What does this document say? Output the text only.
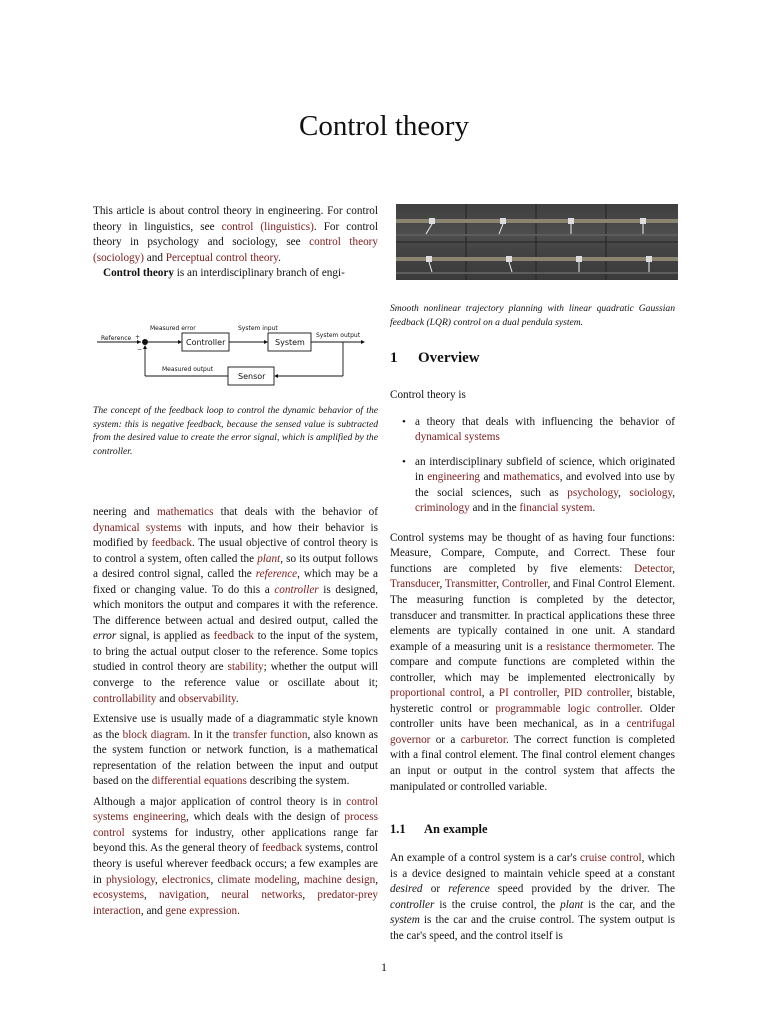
Control theory

This article is about control theory in engineering. For control theory in linguistics, see control (linguistics). For control theory in psychology and sociology, see control theory (sociology) and Perceptual control theory.

Control theory is an interdisciplinary branch of engi-

Reference
Measured error	System input
System output
Measured output
+
−
Controller	System
Sensor
The concept of the feedback loop to control the dynamic behavior of the system: this is negative feedback, because the sensed value is subtracted from the desired value to create the error signal, which is amplified by the controller.

neering and mathematics that deals with the behavior of dynamical systems with inputs, and how their behavior is modified by feedback. The usual objective of control theory is to control a system, often called the plant, so its output follows a desired control signal, called the reference, which may be a fixed or changing value. To do this a controller is designed, which monitors the output and compares it with the reference. The difference between actual and desired output, called the error signal, is applied as feedback to the input of the system, to bring the actual output closer to the reference. Some topics studied in control theory are stability; whether the output will converge to the reference value or oscillate about it; controllability and observability.

Extensive use is usually made of a diagrammatic style known as the block diagram. In it the transfer function, also known as the system function or network function, is a mathematical representation of the relation between the input and output based on the differential equations describing the system.

Although a major application of control theory is in control systems engineering, which deals with the design of process control systems for industry, other applications range far beyond this. As the general theory of feedback systems, control theory is useful wherever feedback occurs; a few examples are in physiology, electronics, climate modeling, machine design, ecosystems, navigation, neural networks, predator-prey interaction, and gene expression.

Smooth nonlinear trajectory planning with linear quadratic Gaussian feedback (LQR) control on a dual pendula system.
1 Overview

Control theory is

• a theory that deals with influencing the behavior of dynamical systems
• an interdisciplinary subfield of science, which originated in engineering and mathematics, and evolved into use by the social sciences, such as psychology, sociology, criminology and in the financial system.

Control systems may be thought of as having four functions: Measure, Compare, Compute, and Correct. These four functions are completed by five elements: Detector, Transducer, Transmitter, Controller, and Final Control Element. The measuring function is completed by the detector, transducer and transmitter. In practical applications these three elements are typically contained in one unit. A standard example of a measuring unit is a resistance thermometer. The compare and compute functions are completed within the controller, which may be implemented electronically by proportional control, a PI controller, PID controller, bistable, hysteretic control or programmable logic controller. Older controller units have been mechanical, as in a centrifugal governor or a carburetor. The correct function is completed with a final control element. The final control element changes an input or output in the control system that affects the manipulated or controlled variable.

1.1 An example

An example of a control system is a car's cruise control, which is a device designed to maintain vehicle speed at a constant desired or reference speed provided by the driver. The controller is the cruise control, the plant is the car, and the system is the car and the cruise control. The system output is the car's speed, and the control itself is

1
